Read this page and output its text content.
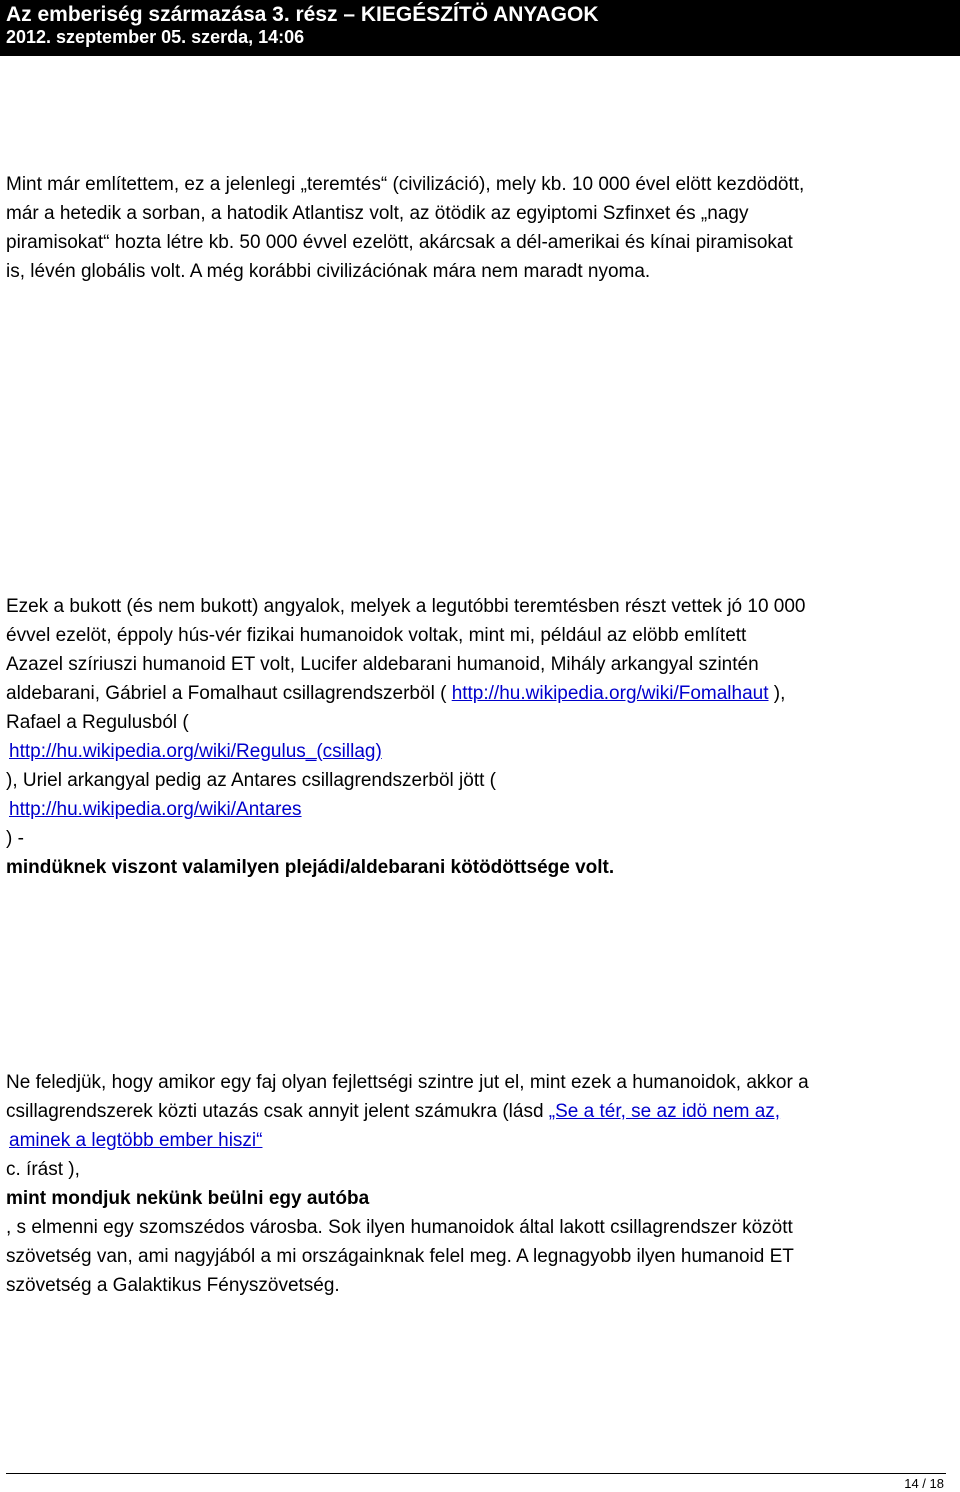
Az emberiség származása 3. rész – KIEGÉSZÍTÖ ANYAGOK
2012. szeptember 05. szerda, 14:06
Mint már említettem, ez a jelenlegi „teremtés“ (civilizáció), mely kb. 10 000 ével elött kezdödött,
már a hetedik a sorban, a hatodik Atlantisz volt, az ötödik az egyiptomi Szfinxet és „nagy
piramisokat“ hozta létre kb. 50 000 évvel ezelött, akárcsak a dél-amerikai és kínai piramisokat
is, lévén globális volt. A még korábbi civilizációnak mára nem maradt nyoma.
Ezek a bukott (és nem bukott) angyalok, melyek a legutóbbi teremtésben részt vettek jó 10 000
évvel ezelöt, éppoly hús-vér fizikai humanoidok voltak, mint mi, például az elöbb említett
Azazel szíriuszi humanoid ET volt, Lucifer aldebarani humanoid, Mihály arkangyal szintén
aldebarani, Gábriel a Fomalhaut csillagrendszerböl ( http://hu.wikipedia.org/wiki/Fomalhaut ),
Rafael a Regulusból (
http://hu.wikipedia.org/wiki/Regulus_(csillag)
), Uriel arkangyal pedig az Antares csillagrendszerböl jött (
http://hu.wikipedia.org/wiki/Antares
) -
mindüknek viszont valamilyen plejádi/aldebarani kötödöttsége volt.
Ne feledjük, hogy amikor egy faj olyan fejlettségi szintre jut el, mint ezek a humanoidok, akkor a
csillagrendszerek közti utazás csak annyit jelent számukra (lásd „Se a tér, se az idö nem az,
aminek a legtöbb ember hiszi“
c. írást ),
mint mondjuk nekünk beülni egy autóba
, s elmenni egy szomszédos városba. Sok ilyen humanoidok által lakott csillagrendszer között
szövetség van, ami nagyjából a mi országainknak felel meg. A legnagyobb ilyen humanoid ET
szövetség a Galaktikus Fényszövetség.
14 / 18
